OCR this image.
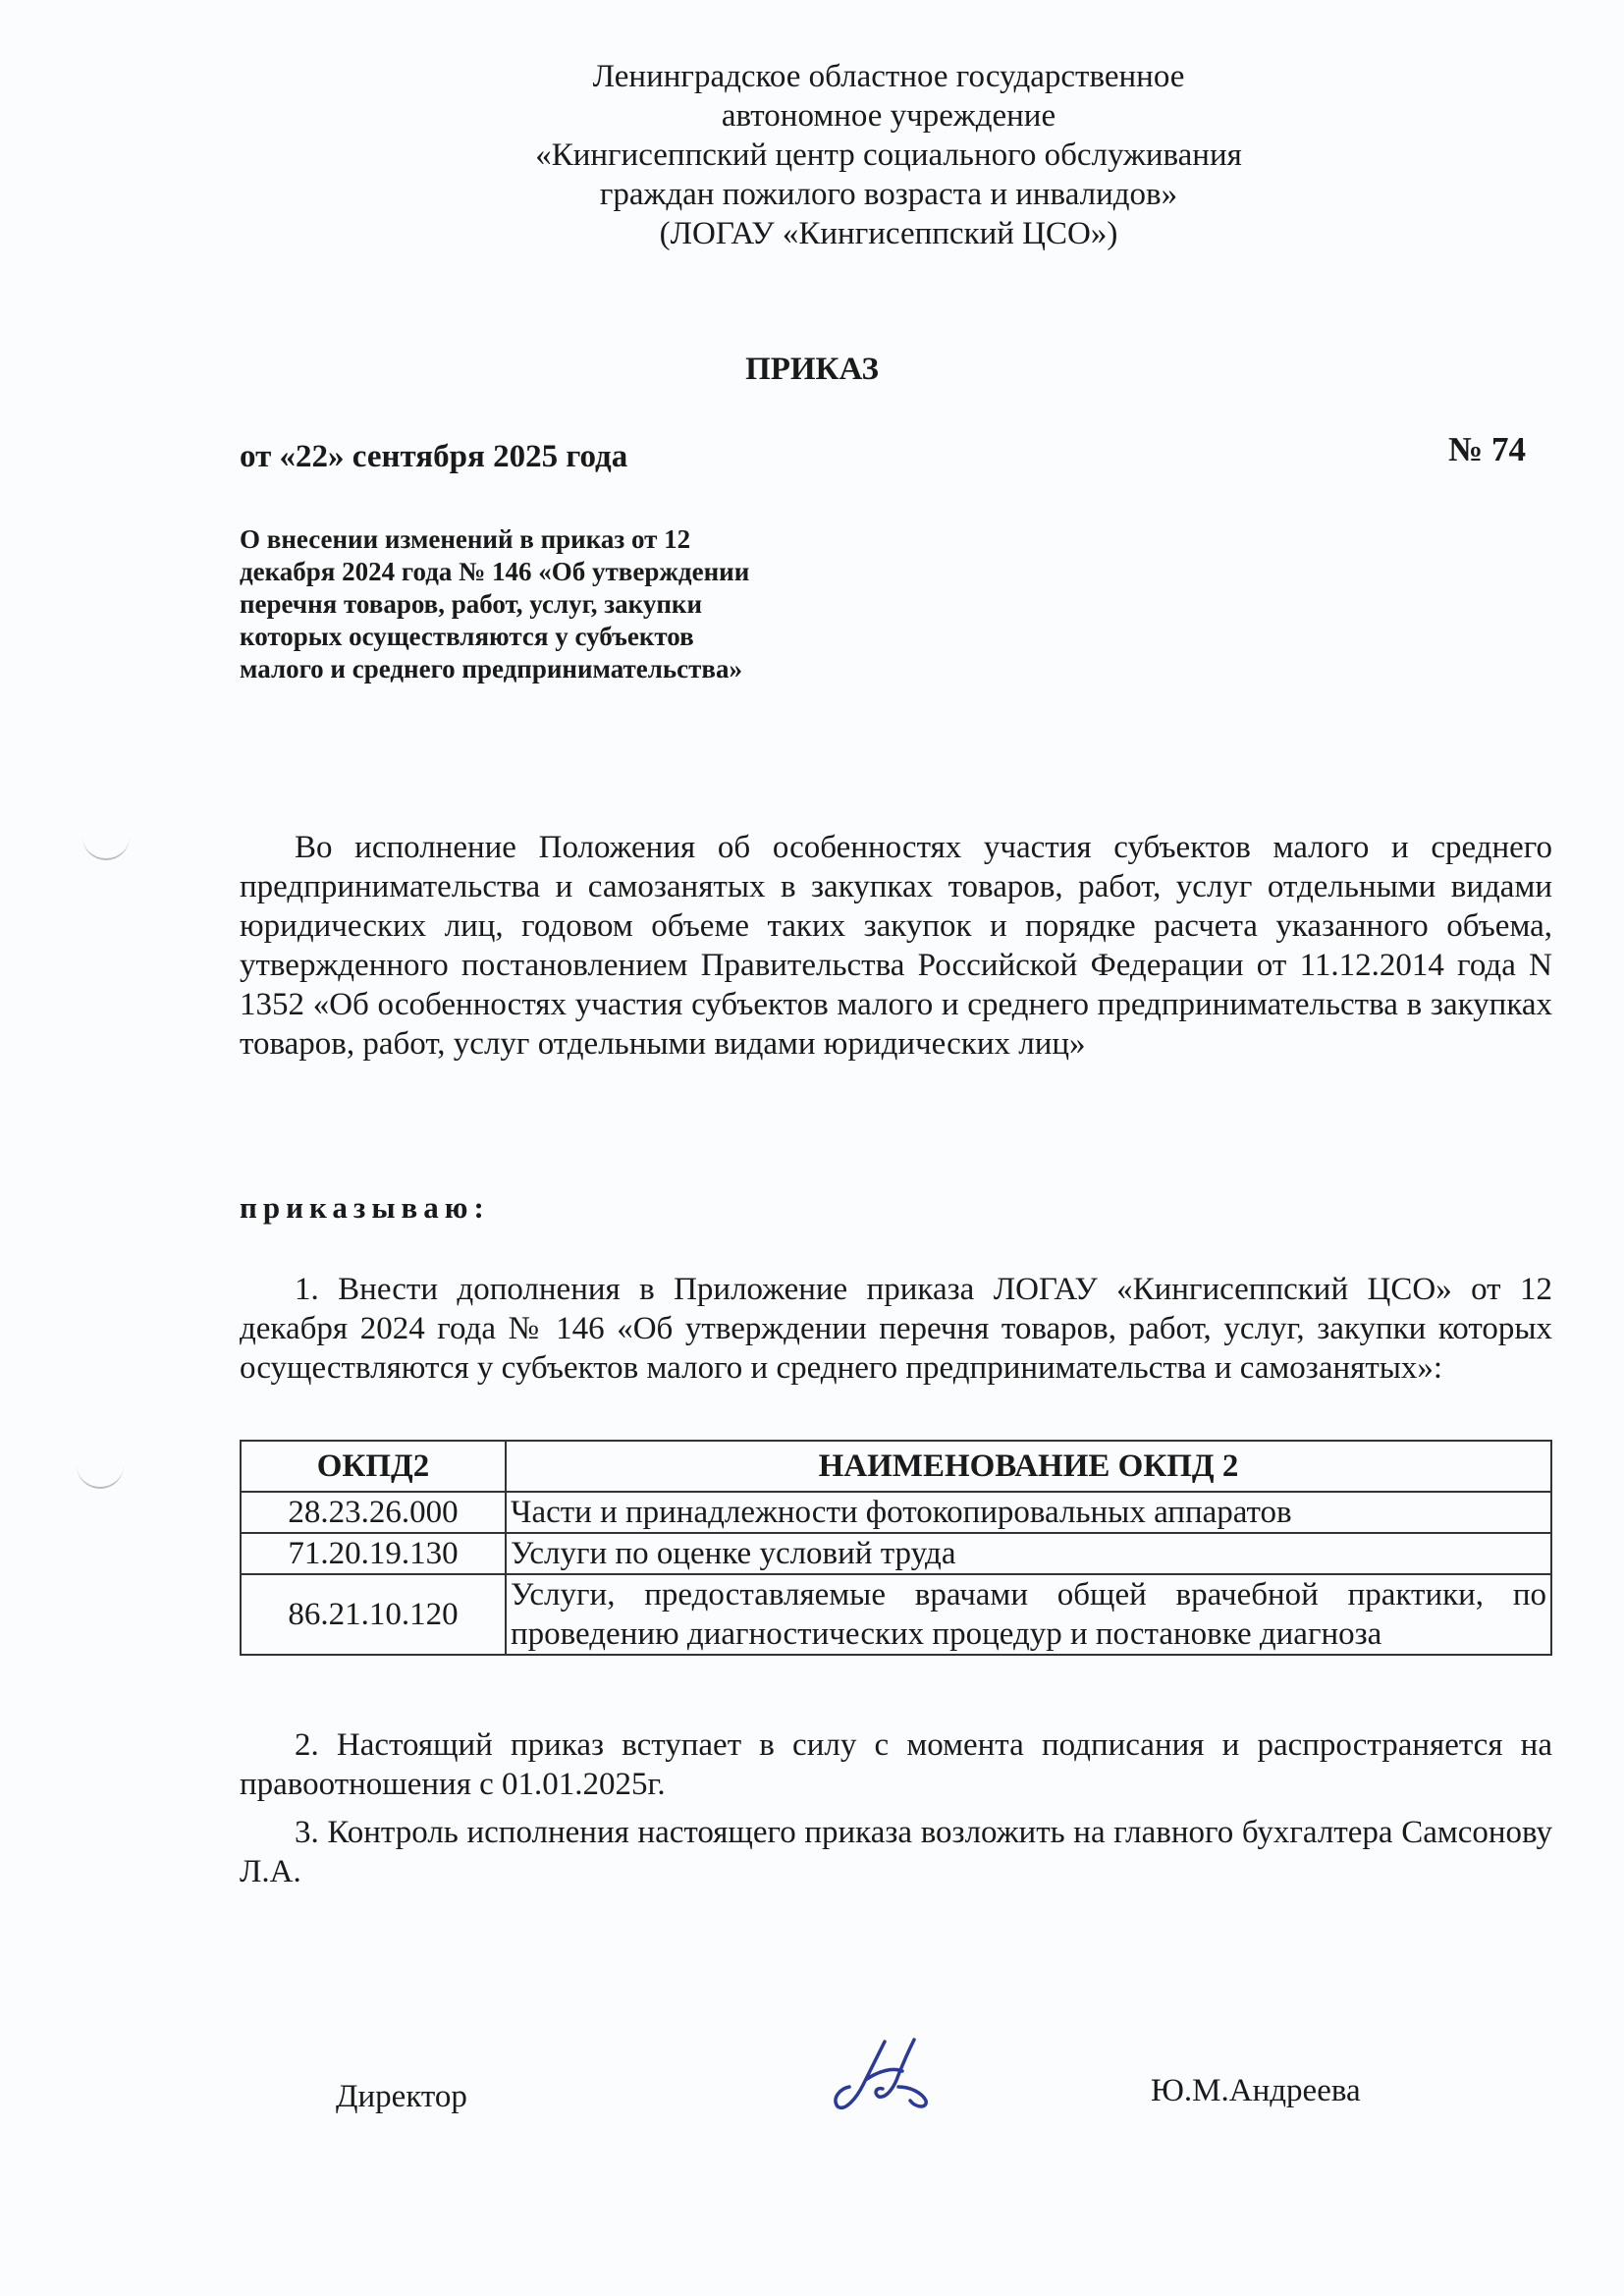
Ленинградское областное государственное
автономное учреждение
«Кингисеппский центр социального обслуживания
граждан пожилого возраста и инвалидов»
(ЛОГАУ «Кингисеппский ЦСО»)
ПРИКАЗ
от «22» сентября 2025 года	№ 74
О внесении изменений в приказ от 12 декабря 2024 года № 146 «Об утверждении перечня товаров, работ, услуг, закупки которых осуществляются у субъектов малого и среднего предпринимательства»
Во исполнение Положения об особенностях участия субъектов малого и среднего предпринимательства и самозанятых в закупках товаров, работ, услуг отдельными видами юридических лиц, годовом объеме таких закупок и порядке расчета указанного объема, утвержденного постановлением Правительства Российской Федерации от 11.12.2014 года N 1352 «Об особенностях участия субъектов малого и среднего предпринимательства в закупках товаров, работ, услуг отдельными видами юридических лиц»
приказываю:
1. Внести дополнения в Приложение приказа ЛОГАУ «Кингисеппский ЦСО» от 12 декабря 2024 года № 146 «Об утверждении перечня товаров, работ, услуг, закупки которых осуществляются у субъектов малого и среднего предпринимательства и самозанятых»:
ОКПД2	НАИМЕНОВАНИЕ ОКПД 2
28.23.26.000	Части и принадлежности фотокопировальных аппаратов
71.20.19.130	Услуги по оценке условий труда
86.21.10.120	Услуги, предоставляемые врачами общей врачебной практики, по проведению диагностических процедур и постановке диагноза
2. Настоящий приказ вступает в силу с момента подписания и распространяется на правоотношения с 01.01.2025г.
3. Контроль исполнения настоящего приказа возложить на главного бухгалтера Самсонову Л.А.
Директор	Ю.М.Андреева
